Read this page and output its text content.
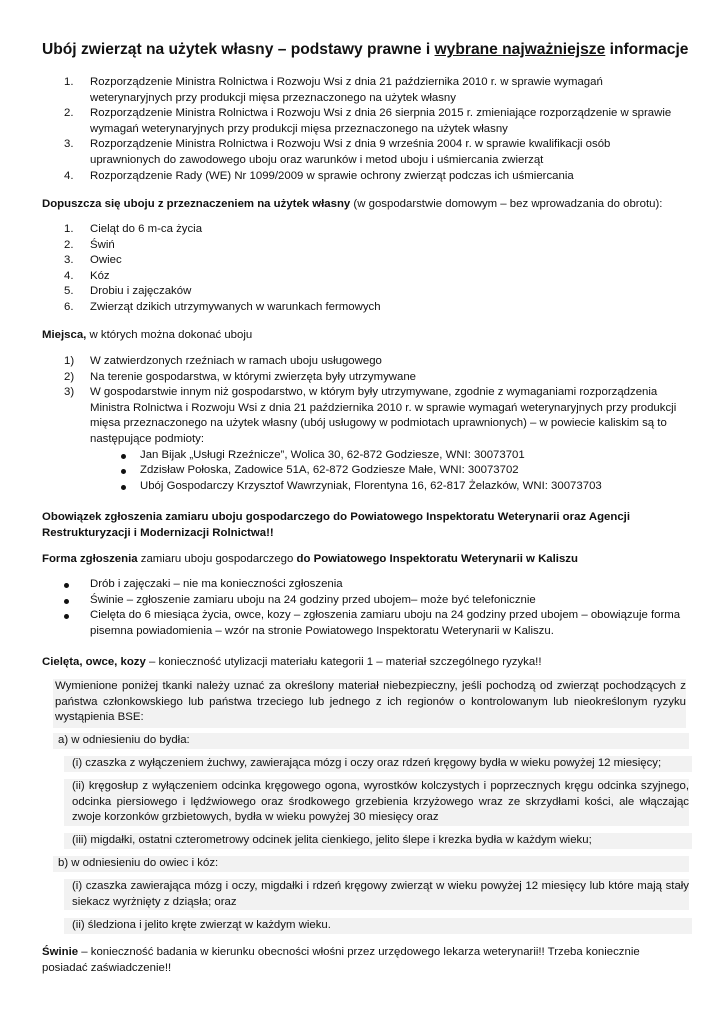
Ubój zwierząt na użytek własny – podstawy prawne i wybrane najważniejsze informacje
1. Rozporządzenie Ministra Rolnictwa i Rozwoju Wsi z dnia 21 października 2010 r. w sprawie wymagań weterynaryjnych przy produkcji mięsa przeznaczonego na użytek własny
2. Rozporządzenie Ministra Rolnictwa i Rozwoju Wsi z dnia 26 sierpnia 2015 r. zmieniające rozporządzenie w sprawie wymagań weterynaryjnych przy produkcji mięsa przeznaczonego na użytek własny
3. Rozporządzenie Ministra Rolnictwa i Rozwoju Wsi z dnia 9 września 2004 r. w sprawie kwalifikacji osób uprawnionych do zawodowego uboju oraz warunków i metod uboju i uśmiercania zwierząt
4. Rozporządzenie Rady (WE) Nr 1099/2009 w sprawie ochrony zwierząt podczas ich uśmiercania
Dopuszcza się uboju z przeznaczeniem na użytek własny (w gospodarstwie domowym – bez wprowadzania do obrotu):
1. Cieląt do 6 m-ca życia
2. Świń
3. Owiec
4. Kóz
5. Drobiu i zajęczaków
6. Zwierząt dzikich utrzymywanych w warunkach fermowych
Miejsca, w których można dokonać uboju
1) W zatwierdzonych rzeźniach w ramach uboju usługowego
2) Na terenie gospodarstwa, w którymi zwierzęta były utrzymywane
3) W gospodarstwie innym niż gospodarstwo, w którym były utrzymywane, zgodnie z wymaganiami rozporządzenia Ministra Rolnictwa i Rozwoju Wsi z dnia 21 października 2010 r. w sprawie wymagań weterynaryjnych przy produkcji mięsa przeznaczonego na użytek własny (ubój usługowy w podmiotach uprawnionych) – w powiecie kaliskim są to następujące podmioty:
Jan Bijak „Usługi Rzeźnicze”, Wolica 30, 62-872 Godzieszе, WNI: 30073701
Zdzisław Połoska, Zadowice 51A, 62-872 Godzieszе Małe, WNI: 30073702
Ubój Gospodarczy Krzysztof Wawrzyniak, Florentyna 16, 62-817 Żelazków, WNI: 30073703
Obowiązek zgłoszenia zamiaru uboju gospodarczego do Powiatowego Inspektoratu Weterynarii oraz Agencji Restrukturyzacji i Modernizacji Rolnictwa!!
Forma zgłoszenia zamiaru uboju gospodarczego do Powiatowego Inspektoratu Weterynarii w Kaliszu
Drób i zajęczaki – nie ma konieczności zgłoszenia
Świnie – zgłoszenie zamiaru uboju na 24 godziny przed ubojem– może być telefonicznie
Cielęta do 6 miesiąca życia, owce, kozy – zgłoszenia zamiaru uboju na 24 godziny przed ubojem – obowiązuje forma pisemna powiadomienia – wzór na stronie Powiatowego Inspektoratu Weterynarii w Kaliszu.
Cielęta, owce, kozy – konieczność utylizacji materiału kategorii 1 – materiał szczególnego ryzyka!!
Wymienione poniżej tkanki należy uznać za określony materiał niebezpieczny, jeśli pochodzą od zwierząt pochodzących z państwa członkowskiego lub państwa trzeciego lub jednego z ich regionów o kontrolowanym lub nieokreślonym ryzyku wystąpienia BSE:
a) w odniesieniu do bydła:
(i) czaszka z wyłączeniem żuchwy, zawierająca mózg i oczy oraz rdzeń kręgowy bydła w wieku powyżej 12 miesięcy;
(ii) kręgosłup z wyłączeniem odcinka kręgowego ogona, wyrostków kolczystych i poprzecznych kręgu odcinka szyjnego, odcinka piersiowego i lędźwiowego oraz środkowego grzebienia krzyżowego wraz ze skrzydłami kości, ale włączając zwoje korzonków grzbietowych, bydła w wieku powyżej 30 miesięcy oraz
(iii) migdałki, ostatni czterometrowy odcinek jelita cienkiego, jelito ślepe i krezka bydła w każdym wieku;
b) w odniesieniu do owiec i kóz:
(i) czaszka zawierająca mózg i oczy, migdałki i rdzeń kręgowy zwierząt w wieku powyżej 12 miesięcy lub które mają stały siekacz wyrżnięty z dziąsła; oraz
(ii) śledziona i jelito kręte zwierząt w każdym wieku.
Świnie – konieczność badania w kierunku obecności włośni przez urzędowego lekarza weterynarii!! Trzeba koniecznie posiadać zaświadczenie!!
